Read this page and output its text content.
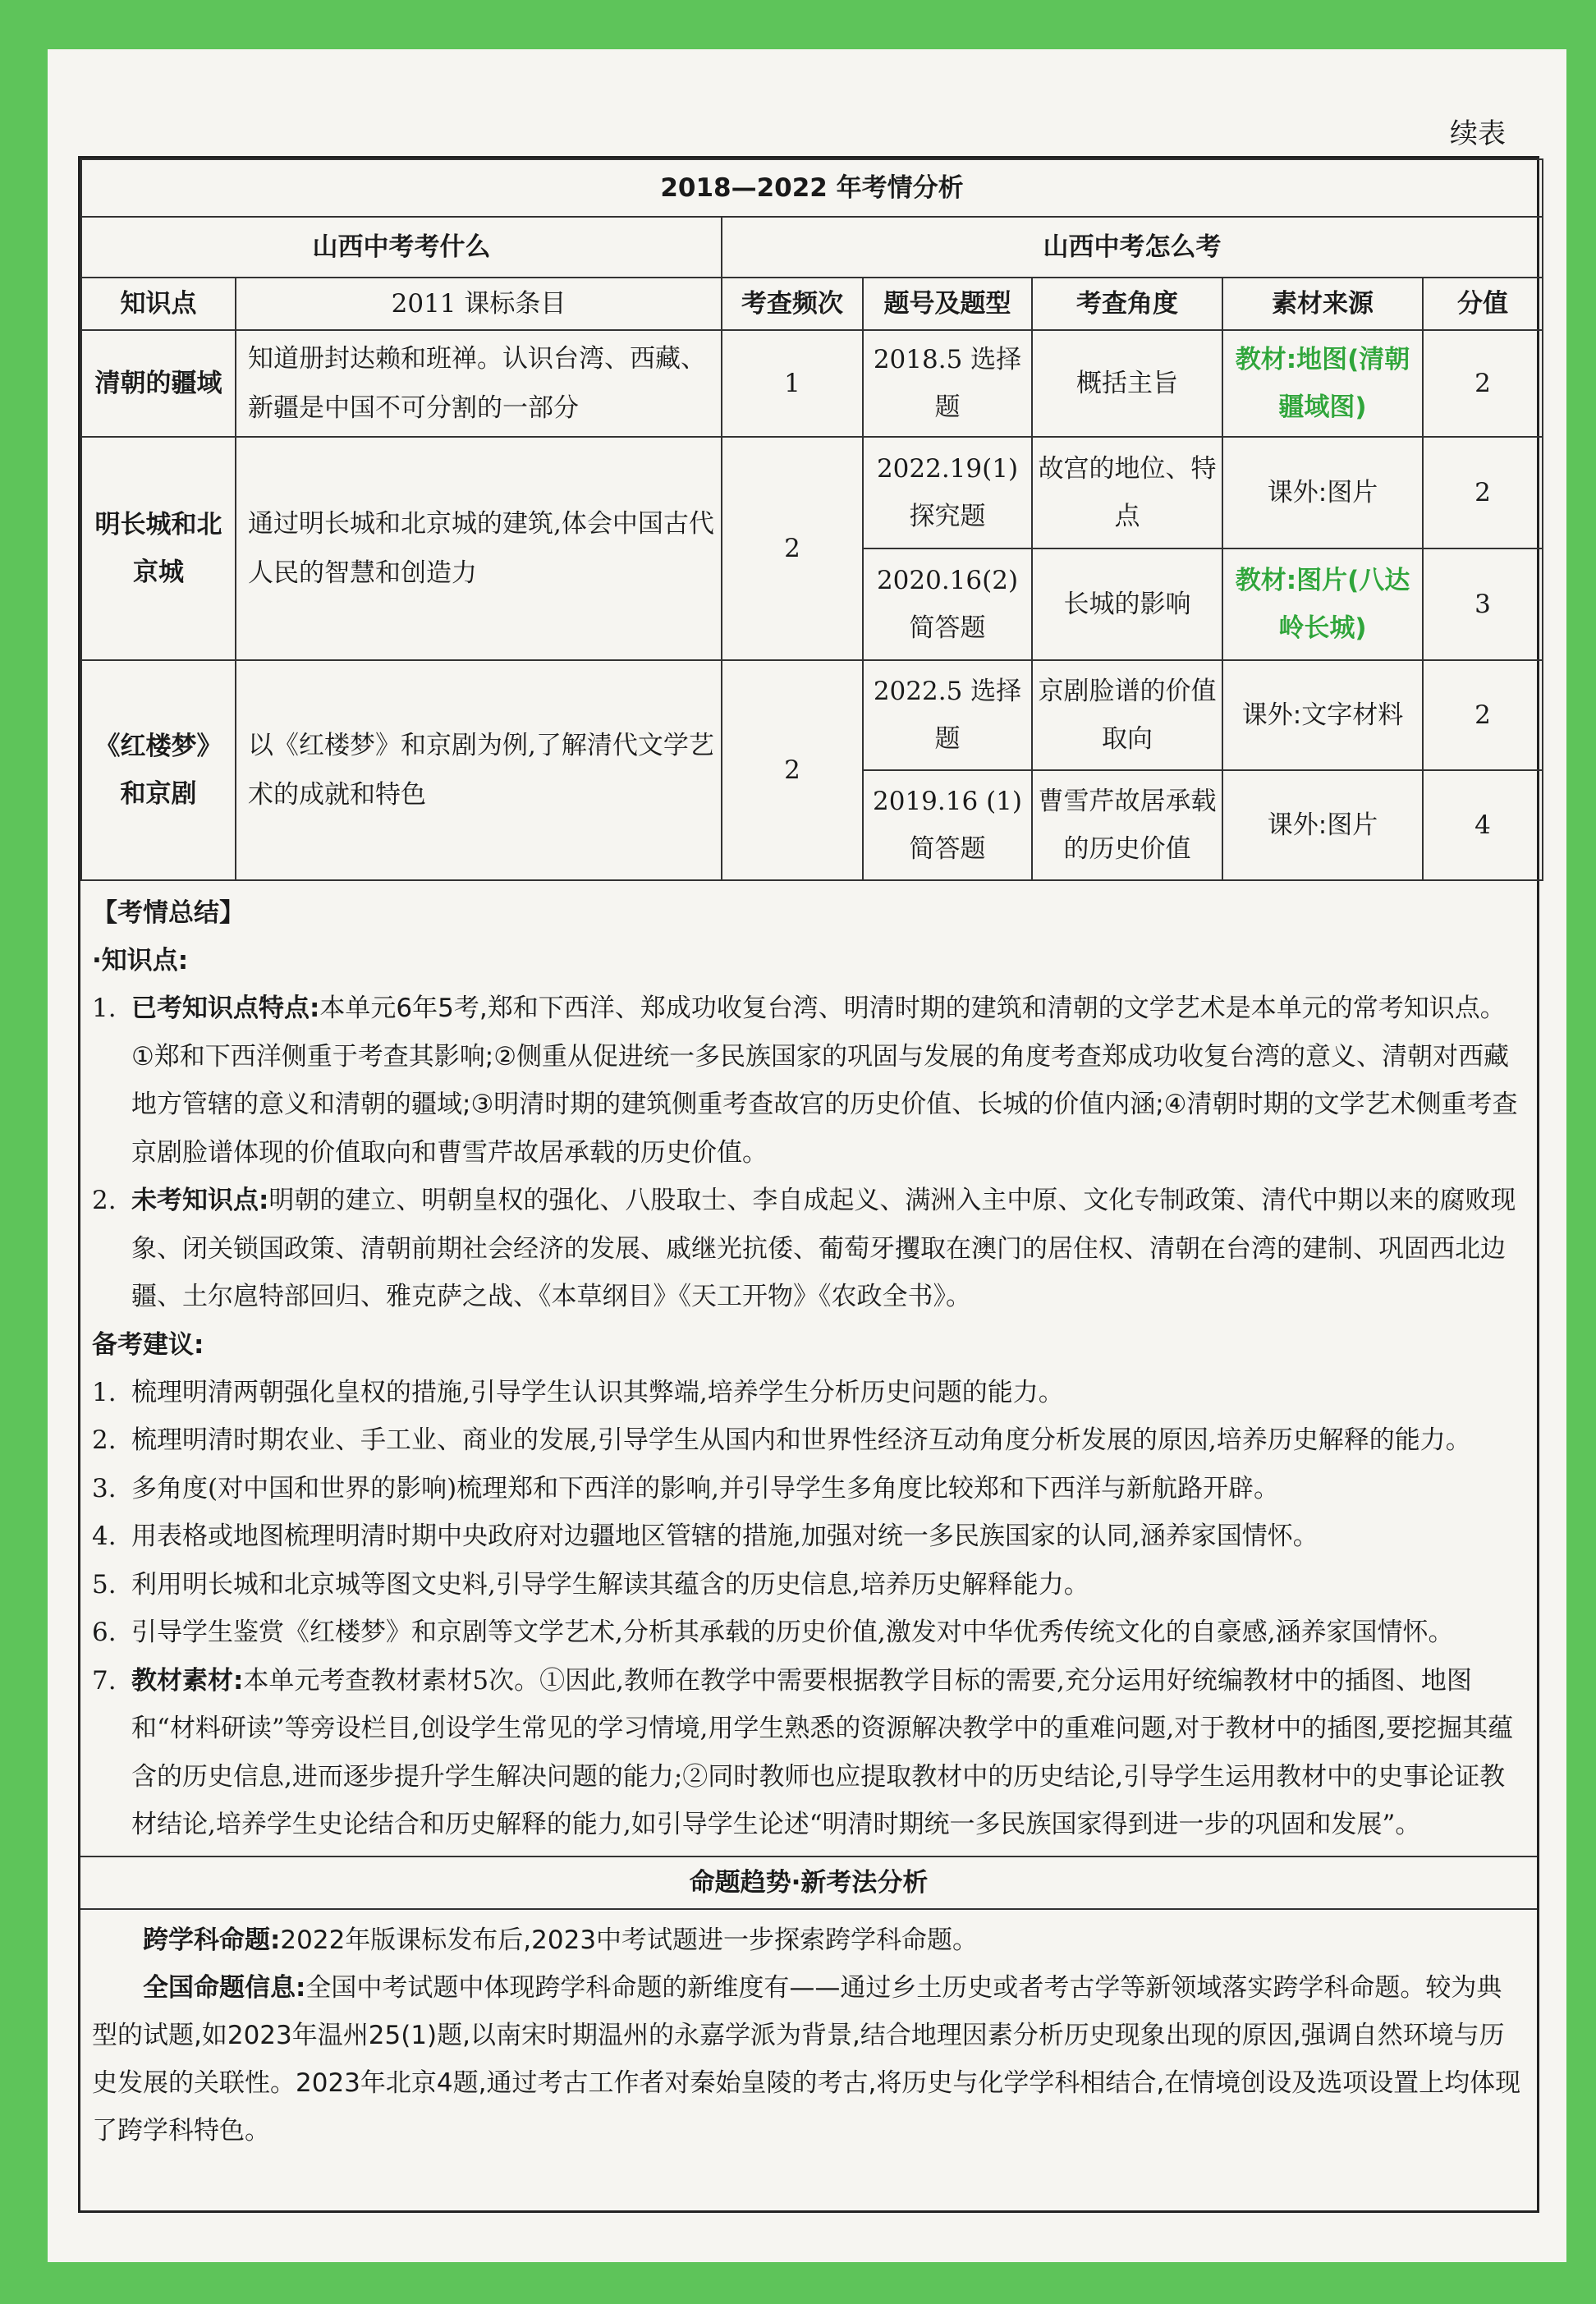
续表
2018—2022 年考情分析						
山西中考考什么		山西中考怎么考				
知识点	2011 课标条目	考查频次	题号及题型	考查角度	素材来源	分值
清朝的疆域	知道册封达赖和班禅。认识台湾、西藏、新疆是中国不可分割的一部分	1	2018.5 选择题	概括主旨	教材:地图(清朝疆域图)	2
明长城和北京城	通过明长城和北京城的建筑,体会中国古代人民的智慧和创造力	2	2022.19(1) 探究题	故宫的地位、特点	课外:图片	2
			2020.16(2) 简答题	长城的影响	教材:图片(八达岭长城)	3
《红楼梦》和京剧	以《红楼梦》和京剧为例,了解清代文学艺术的成就和特色	2	2022.5 选择题	京剧脸谱的价值取向	课外:文字材料	2
			2019.16 (1)简答题	曹雪芹故居承载的历史价值	课外:图片	4
【考情总结】
·知识点:

1. 已考知识点特点:本单元6年5考,郑和下西洋、郑成功收复台湾、明清时期的建筑和清朝的文学艺术是本单元的常考知识点。①郑和下西洋侧重于考查其影响;②侧重从促进统一多民族国家的巩固与发展的角度考查郑成功收复台湾的意义、清朝对西藏地方管辖的意义和清朝的疆域;③明清时期的建筑侧重考查故宫的历史价值、长城的价值内涵;④清朝时期的文学艺术侧重考查京剧脸谱体现的价值取向和曹雪芹故居承载的历史价值。

2. 未考知识点:明朝的建立、明朝皇权的强化、八股取士、李自成起义、满洲入主中原、文化专制政策、清代中期以来的腐败现象、闭关锁国政策、清朝前期社会经济的发展、戚继光抗倭、葡萄牙攫取在澳门的居住权、清朝在台湾的建制、巩固西北边疆、土尔扈特部回归、雅克萨之战、《本草纲目》《天工开物》《农政全书》。

备考建议:

1. 梳理明清两朝强化皇权的措施,引导学生认识其弊端,培养学生分析历史问题的能力。

2. 梳理明清时期农业、手工业、商业的发展,引导学生从国内和世界性经济互动角度分析发展的原因,培养历史解释的能力。

3. 多角度(对中国和世界的影响)梳理郑和下西洋的影响,并引导学生多角度比较郑和下西洋与新航路开辟。

4. 用表格或地图梳理明清时期中央政府对边疆地区管辖的措施,加强对统一多民族国家的认同,涵养家国情怀。

5. 利用明长城和北京城等图文史料,引导学生解读其蕴含的历史信息,培养历史解释能力。

6. 引导学生鉴赏《红楼梦》和京剧等文学艺术,分析其承载的历史价值,激发对中华优秀传统文化的自豪感,涵养家国情怀。

7. 教材素材:本单元考查教材素材5次。①因此,教师在教学中需要根据教学目标的需要,充分运用好统编教材中的插图、地图和“材料研读”等旁设栏目,创设学生常见的学习情境,用学生熟悉的资源解决教学中的重难问题,对于教材中的插图,要挖掘其蕴含的历史信息,进而逐步提升学生解决问题的能力;②同时教师也应提取教材中的历史结论,引导学生运用教材中的史事论证教材结论,培养学生史论结合和历史解释的能力,如引导学生论述“明清时期统一多民族国家得到进一步的巩固和发展”。

命题趋势·新考法分析

跨学科命题:2022年版课标发布后,2023中考试题进一步探索跨学科命题。

全国命题信息:全国中考试题中体现跨学科命题的新维度有——通过乡土历史或者考古学等新领域落实跨学科命题。较为典型的试题,如2023年温州25(1)题,以南宋时期温州的永嘉学派为背景,结合地理因素分析历史现象出现的原因,强调自然环境与历史发展的关联性。2023年北京4题,通过考古工作者对秦始皇陵的考古,将历史与化学学科相结合,在情境创设及选项设置上均体现了跨学科特色。
